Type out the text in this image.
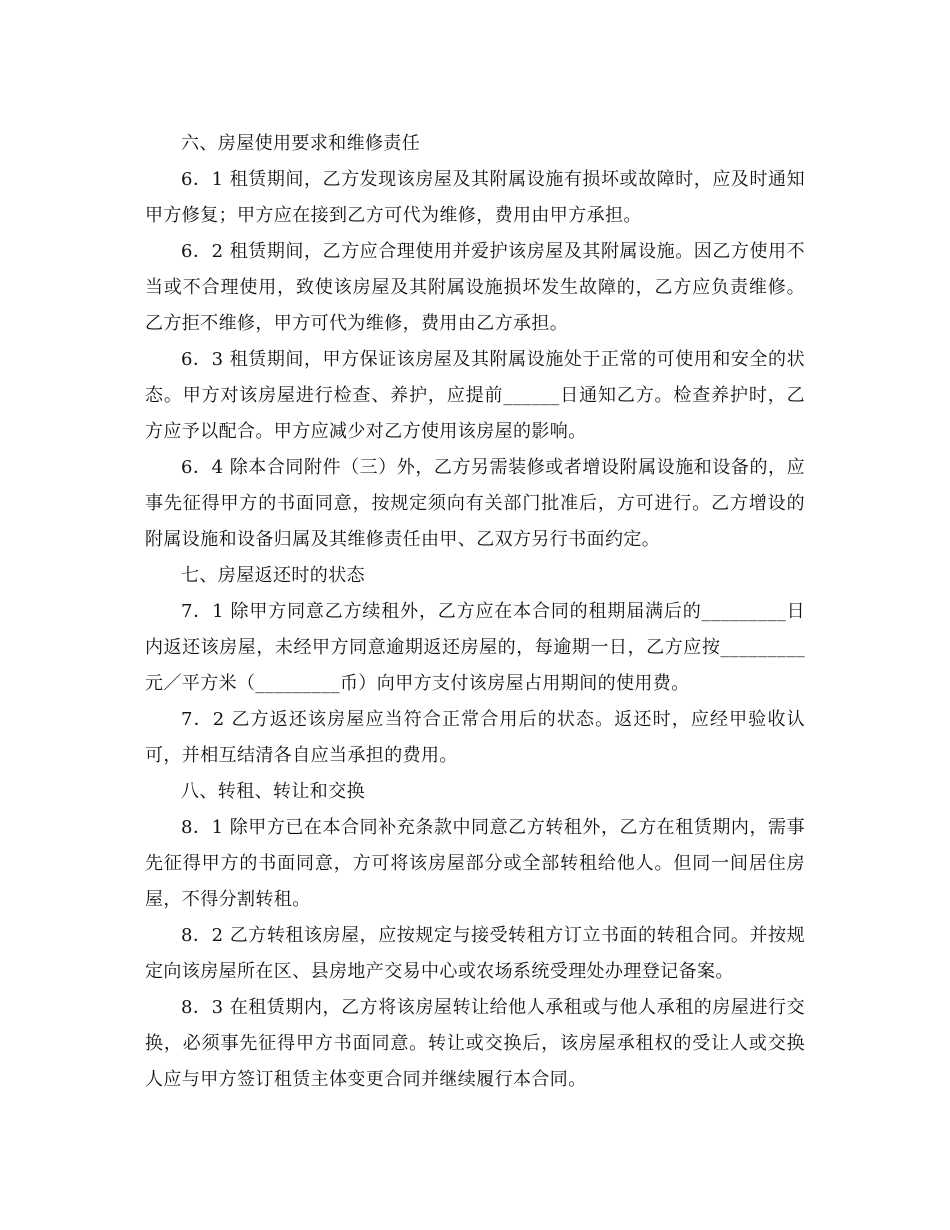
六、房屋使用要求和维修责任

6．1 租赁期间，乙方发现该房屋及其附属设施有损坏或故障时，应及时通知甲方修复；甲方应在接到乙方可代为维修，费用由甲方承担。

6．2 租赁期间，乙方应合理使用并爱护该房屋及其附属设施。因乙方使用不当或不合理使用，致使该房屋及其附属设施损坏发生故障的，乙方应负责维修。乙方拒不维修，甲方可代为维修，费用由乙方承担。

6．3 租赁期间，甲方保证该房屋及其附属设施处于正常的可使用和安全的状态。甲方对该房屋进行检查、养护，应提前______日通知乙方。检查养护时，乙方应予以配合。甲方应减少对乙方使用该房屋的影响。

6．4 除本合同附件（三）外，乙方另需装修或者增设附属设施和设备的，应事先征得甲方的书面同意，按规定须向有关部门批准后，方可进行。乙方增设的附属设施和设备归属及其维修责任由甲、乙双方另行书面约定。

七、房屋返还时的状态

7．1 除甲方同意乙方续租外，乙方应在本合同的租期届满后的_________日内返还该房屋，未经甲方同意逾期返还房屋的，每逾期一日，乙方应按_________元／平方米（_________币）向甲方支付该房屋占用期间的使用费。

7．2 乙方返还该房屋应当符合正常合用后的状态。返还时，应经甲验收认可，并相互结清各自应当承担的费用。

八、转租、转让和交换

8．1 除甲方已在本合同补充条款中同意乙方转租外，乙方在租赁期内，需事先征得甲方的书面同意，方可将该房屋部分或全部转租给他人。但同一间居住房屋，不得分割转租。

8．2 乙方转租该房屋，应按规定与接受转租方订立书面的转租合同。并按规定向该房屋所在区、县房地产交易中心或农场系统受理处办理登记备案。

8．3 在租赁期内，乙方将该房屋转让给他人承租或与他人承租的房屋进行交换，必须事先征得甲方书面同意。转让或交换后，该房屋承租权的受让人或交换人应与甲方签订租赁主体变更合同并继续履行本合同。
